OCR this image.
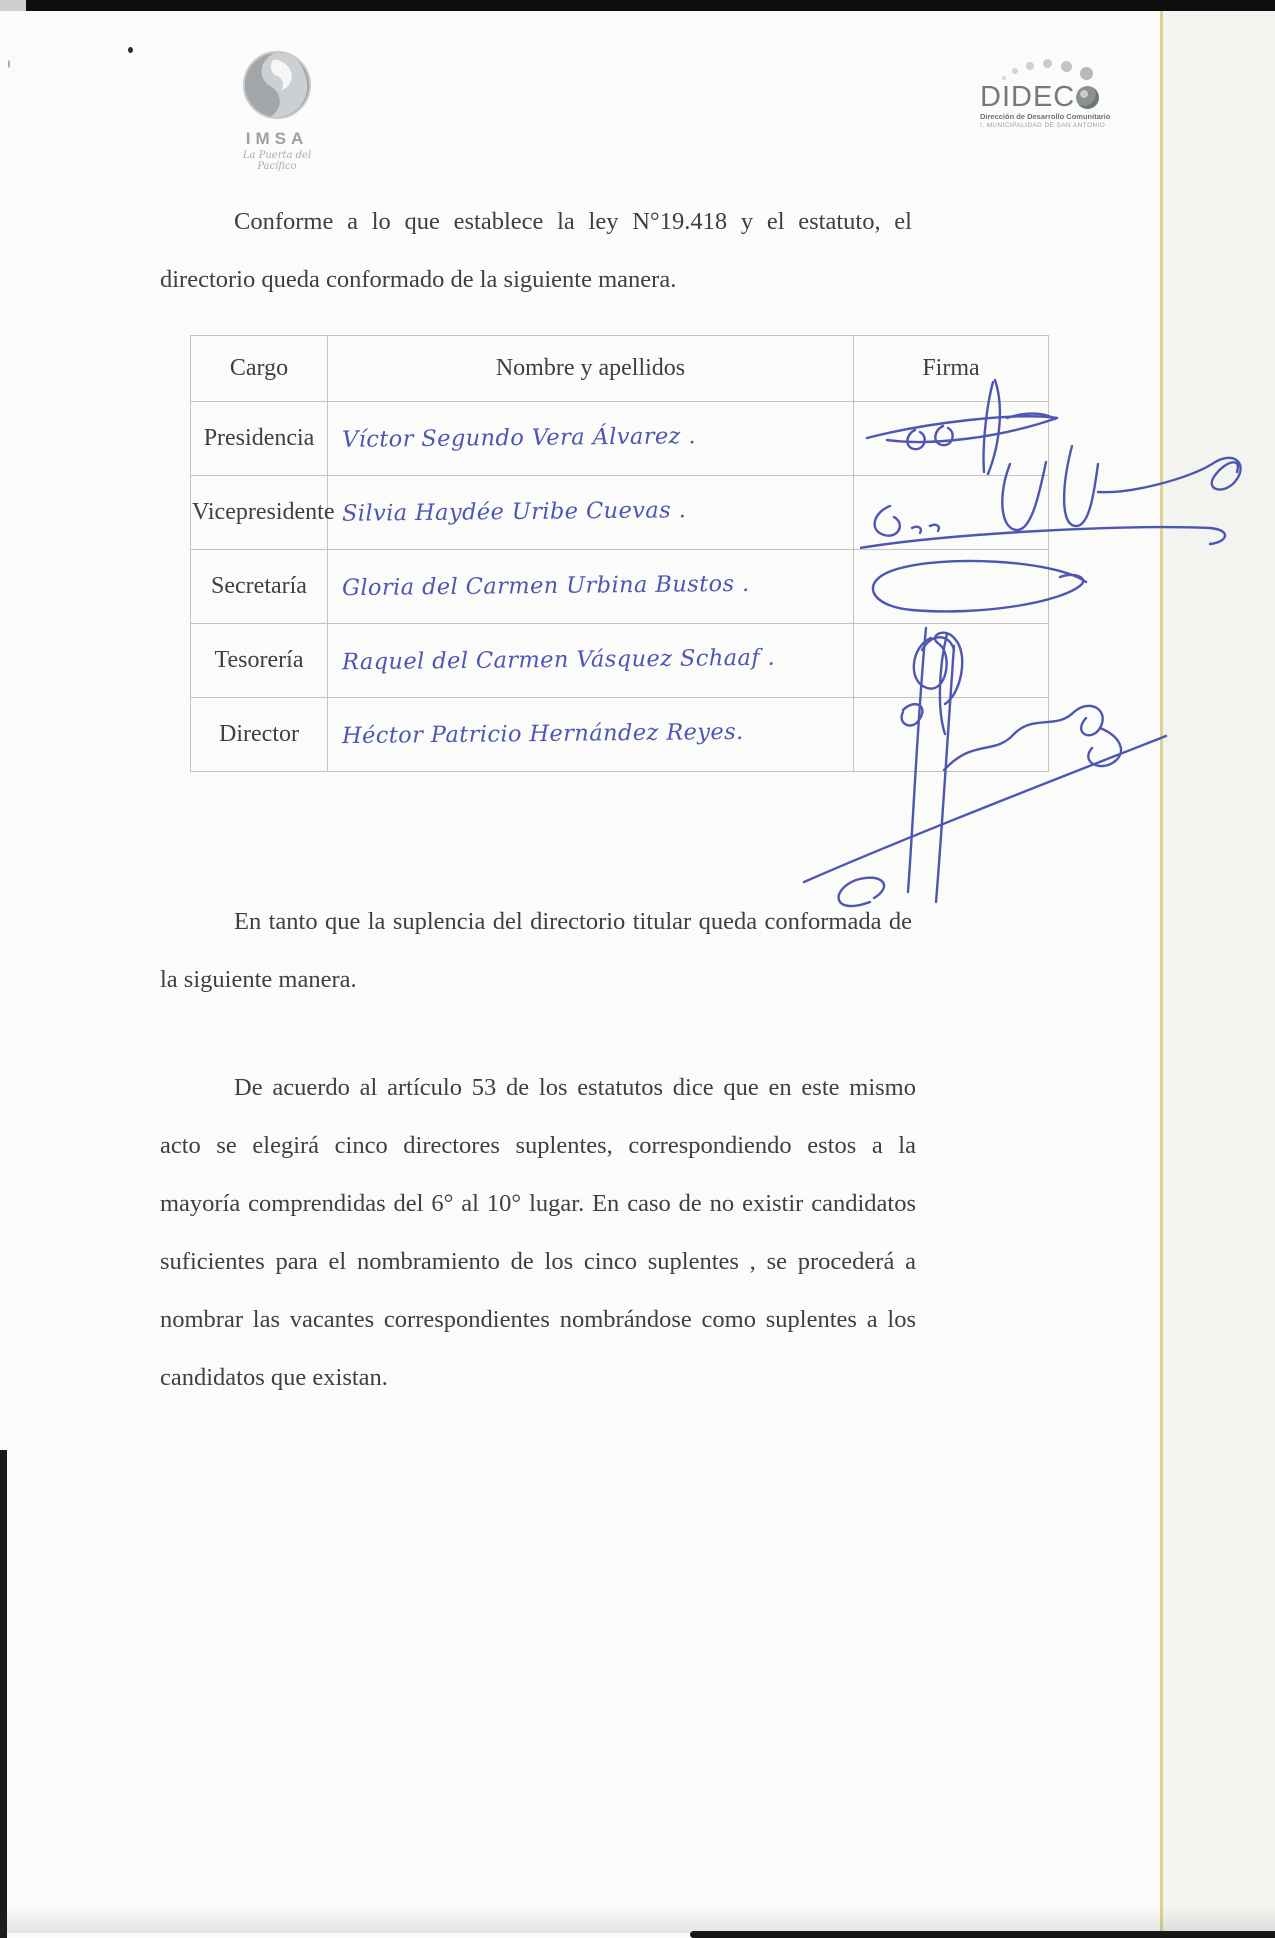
IMSA
La Puerta del Pacífico
DIDEC
Dirección de Desarrollo Comunitario
I. MUNICIPALIDAD DE SAN ANTONIO

Conforme a lo que establece la ley N°19.418 y el estatuto, el directorio queda conformado de la siguiente manera.

Cargo	Nombre y apellidos	Firma
Presidencia	Víctor Segundo Vera Álvarez .	
Vicepresidente	Silvia Haydée Uribe Cuevas .	
Secretaría	Gloria del Carmen Urbina Bustos .	
Tesorería	Raquel del Carmen Vásquez Schaaf .	
Director	Héctor Patricio Hernández Reyes.	

En tanto que la suplencia del directorio titular queda conformada de la siguiente manera.

De acuerdo al artículo 53 de los estatutos dice que en este mismo acto se elegirá cinco directores suplentes, correspondiendo estos a la mayoría comprendidas del 6° al 10° lugar. En caso de no existir candidatos suficientes para el nombramiento de los cinco suplentes , se procederá a nombrar las vacantes correspondientes nombrándose como suplentes a los candidatos que existan.
